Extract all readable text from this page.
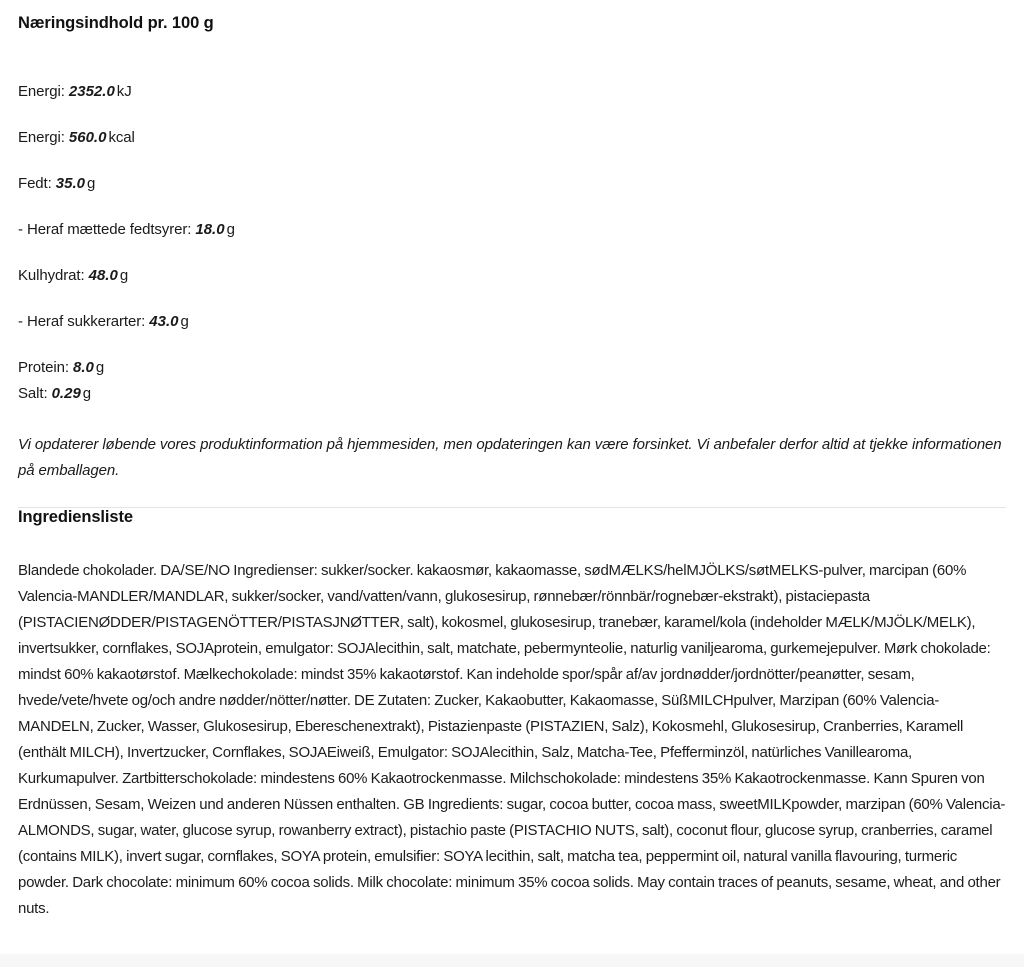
Næringsindhold pr. 100 g

Energi: 2352.0 kJ

Energi: 560.0 kcal

Fedt: 35.0 g

- Heraf mættede fedtsyrer: 18.0 g

Kulhydrat: 48.0 g

- Heraf sukkerarter: 43.0 g

Protein: 8.0 g

Salt: 0.29 g

Vi opdaterer løbende vores produktinformation på hjemmesiden, men opdateringen kan være forsinket. Vi anbefaler derfor altid at tjekke informationen på emballagen.

Ingrediensliste

Blandede chokolader. DA/SE/NO Ingredienser: sukker/socker. kakaosmør, kakaomasse, sødMÆLKS/helMJÖLKS/søtMELKS-pulver, marcipan (60% Valencia-MANDLER/MANDLAR, sukker/socker, vand/vatten/vann, glukosesirup, rønnebær/rönnbär/rognebær-ekstrakt), pistaciepasta (PISTACIENØDDER/PISTAGENÖTTER/PISTASJNØTTER, salt), kokosmel, glukosesirup, tranebær, karamel/kola (indeholder MÆLK/MJÖLK/MELK), invertsukker, cornflakes, SOJAprotein, emulgator: SOJAlecithin, salt, matchate, pebermynteolie, naturlig vaniljearoma, gurkemejepulver. Mørk chokolade: mindst 60% kakaotørstof. Mælkechokolade: mindst 35% kakaotørstof. Kan indeholde spor/spår af/av jordnødder/jordnötter/peanøtter, sesam, hvede/vete/hvete og/och andre nødder/nötter/nøtter. DE Zutaten: Zucker, Kakaobutter, Kakaomasse, SüßMILCHpulver, Marzipan (60% Valencia-MANDELN, Zucker, Wasser, Glukosesirup, Ebereschenextrakt), Pistazienpaste (PISTAZIEN, Salz), Kokosmehl, Glukosesirup, Cranberries, Karamell (enthält MILCH), Invertzucker, Cornflakes, SOJAEiweiß, Emulgator: SOJAlecithin, Salz, Matcha-Tee, Pfefferminzöl, natürliches Vanillearoma, Kurkumapulver. Zartbitterschokolade: mindestens 60% Kakaotrockenmasse. Milchschokolade: mindestens 35% Kakaotrockenmasse. Kann Spuren von Erdnüssen, Sesam, Weizen und anderen Nüssen enthalten. GB Ingredients: sugar, cocoa butter, cocoa mass, sweetMILKpowder, marzipan (60% Valencia-ALMONDS, sugar, water, glucose syrup, rowanberry extract), pistachio paste (PISTACHIO NUTS, salt), coconut flour, glucose syrup, cranberries, caramel (contains MILK), invert sugar, cornflakes, SOYA protein, emulsifier: SOYA lecithin, salt, matcha tea, peppermint oil, natural vanilla flavouring, turmeric powder. Dark chocolate: minimum 60% cocoa solids. Milk chocolate: minimum 35% cocoa solids. May contain traces of peanuts, sesame, wheat, and other nuts.
